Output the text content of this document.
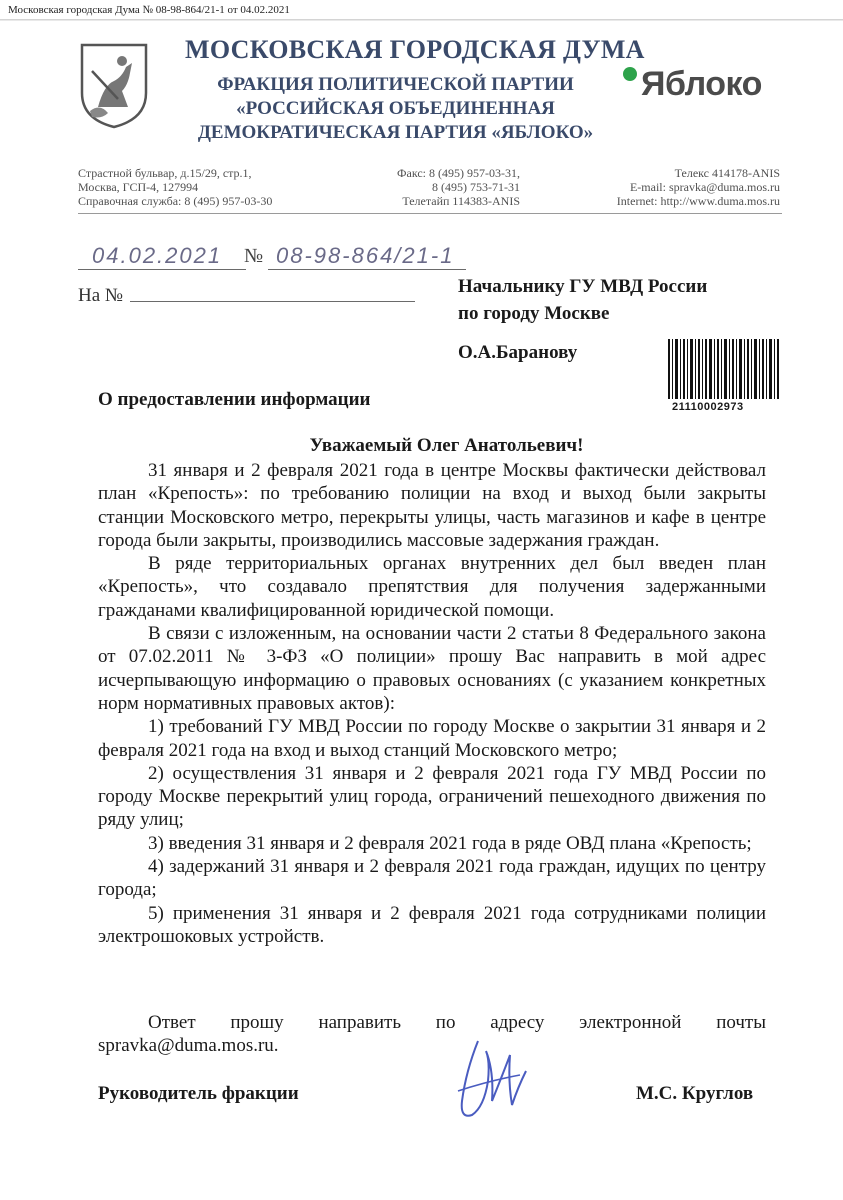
Московская городская Дума № 08-98-864/21-1 от 04.02.2021
МОСКОВСКАЯ ГОРОДСКАЯ ДУМА
ФРАКЦИЯ ПОЛИТИЧЕСКОЙ ПАРТИИ
«РОССИЙСКАЯ ОБЪЕДИНЕННАЯ
ДЕМОКРАТИЧЕСКАЯ ПАРТИЯ «ЯБЛОКО»
Яблоко
Страстной бульвар, д.15/29, стр.1,
Москва, ГСП-4, 127994
Справочная служба: 8 (495) 957-03-30
Факс: 8 (495) 957-03-31,
8 (495) 753-71-31
Телетайп 114383-ANIS
Телекс 414178-ANIS
E-mail: spravka@duma.mos.ru
Internet: http://www.duma.mos.ru
04.02.2021 № 08-98-864/21-1
На №	Начальнику ГУ МВД России
по городу Москве
О.А.Баранову
21110002973
О предоставлении информации
Уважаемый Олег Анатольевич!

31 января и 2 февраля 2021 года в центре Москвы фактически действовал план «Крепость»: по требованию полиции на вход и выход были закрыты станции Московского метро, перекрыты улицы, часть магазинов и кафе в центре города были закрыты, производились массовые задержания граждан.

В ряде территориальных органах внутренних дел был введен план «Крепость», что создавало препятствия для получения задержанными гражданами квалифицированной юридической помощи.

В связи с изложенным, на основании части 2 статьи 8 Федерального закона от 07.02.2011 № 3-ФЗ «О полиции» прошу Вас направить в мой адрес исчерпывающую информацию о правовых основаниях (с указанием конкретных норм нормативных правовых актов):

1) требований ГУ МВД России по городу Москве о закрытии 31 января и 2 февраля 2021 года на вход и выход станций Московского метро;

2) осуществления 31 января и 2 февраля 2021 года ГУ МВД России по городу Москве перекрытий улиц города, ограничений пешеходного движения по ряду улиц;

3) введения 31 января и 2 февраля 2021 года в ряде ОВД плана «Крепость;

4) задержаний 31 января и 2 февраля 2021 года граждан, идущих по центру города;

5) применения 31 января и 2 февраля 2021 года сотрудниками полиции электрошоковых устройств.

Ответ прошу направить по адресу электронной почты

spravka@duma.mos.ru.
Руководитель фракции	М.С. Круглов
